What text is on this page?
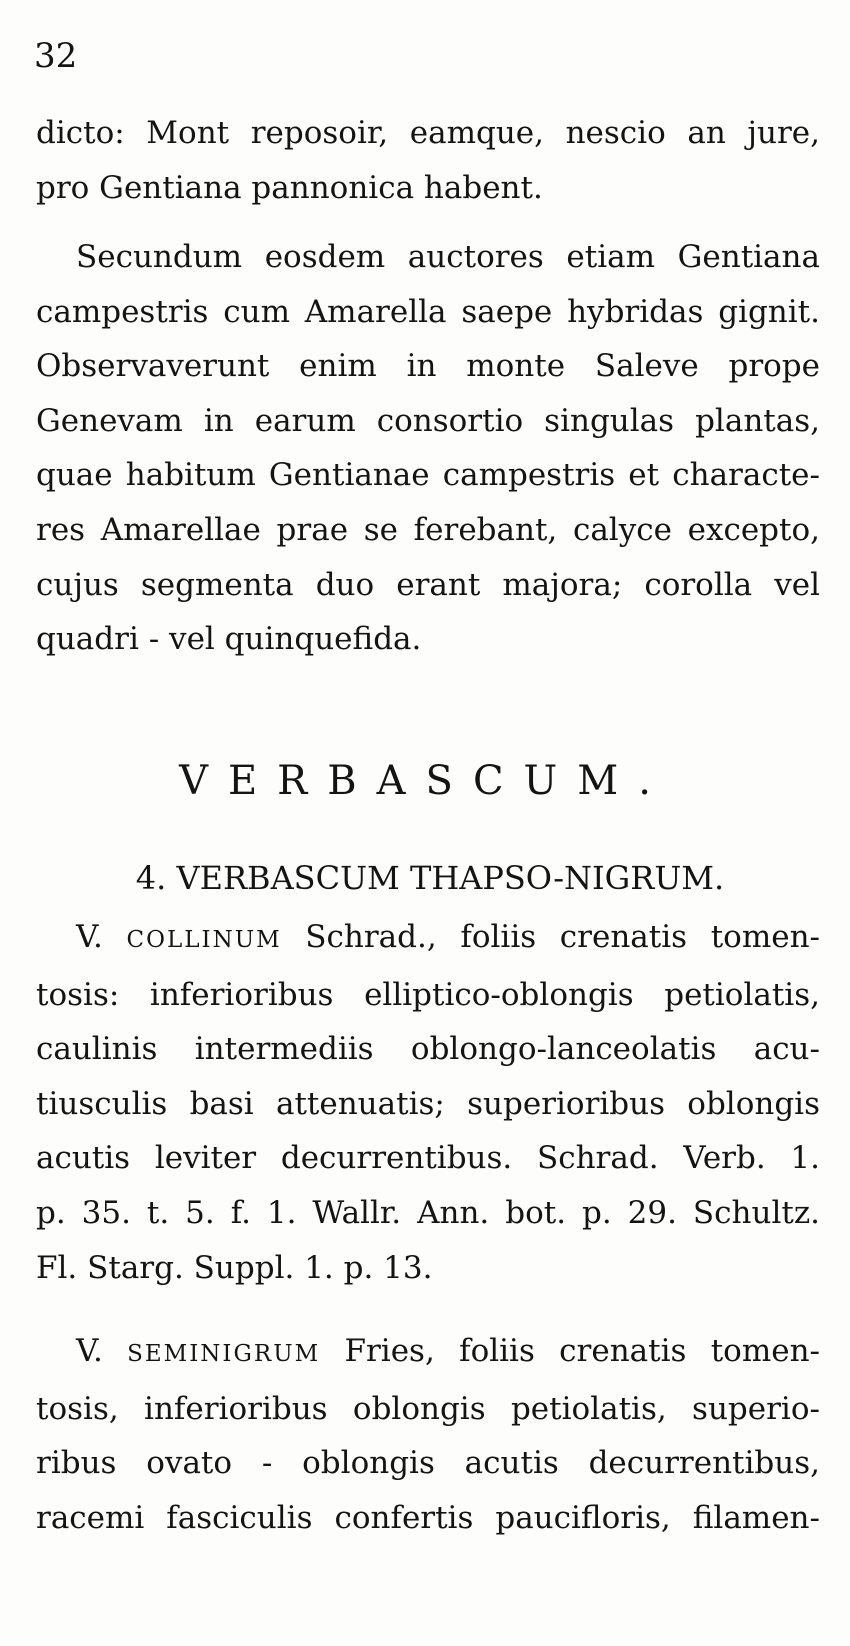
32

dicto: Mont reposoir, eamque, nescio an jure,
pro Gentiana pannonica habent.

Secundum eosdem auctores etiam Gentiana
campestris cum Amarella saepe hybridas gignit.
Observaverunt enim in monte Saleve prope
Genevam in earum consortio singulas plantas,
quae habitum Gentianae campestris et characte-
res Amarellae prae se ferebant, calyce excepto,
cujus segmenta duo erant majora; corolla vel
quadri - vel quinquefida.

VERBASCUM.
4. VERBASCUM THAPSO-NIGRUM.

V. COLLINUM Schrad., foliis crenatis tomen-
tosis: inferioribus elliptico-oblongis petiolatis,
caulinis intermediis oblongo-lanceolatis acu-
tiusculis basi attenuatis; superioribus oblongis
acutis leviter decurrentibus. Schrad. Verb. 1.
p. 35. t. 5. f. 1. Wallr. Ann. bot. p. 29. Schultz.
Fl. Starg. Suppl. 1. p. 13.

V. SEMINIGRUM Fries, foliis crenatis tomen-
tosis, inferioribus oblongis petiolatis, superio-
ribus ovato - oblongis acutis decurrentibus,
racemi fasciculis confertis paucifloris, filamen-
